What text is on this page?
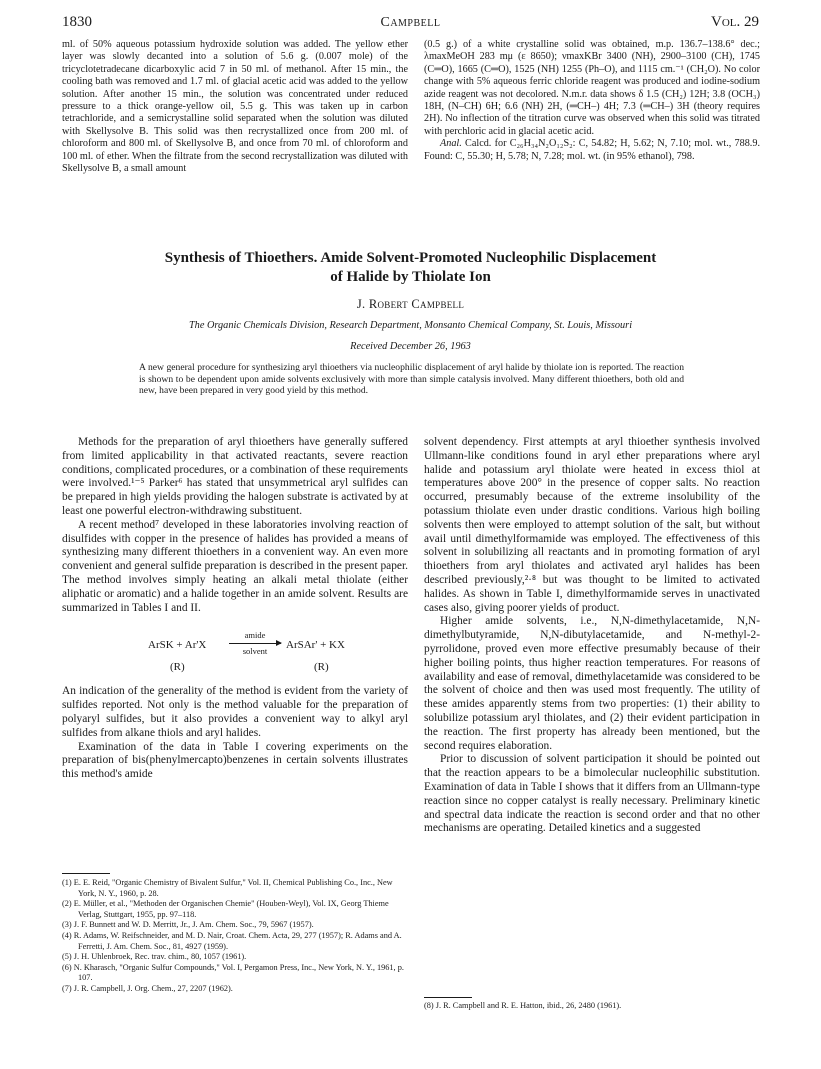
1830	Campbell	Vol. 29

ml. of 50% aqueous potassium hydroxide solution was added. The yellow ether layer was slowly decanted into a solution of 5.6 g. (0.007 mole) of the tricyclotetradecane dicarboxylic acid 7 in 50 ml. of methanol. After 15 min., the cooling bath was removed and 1.7 ml. of glacial acetic acid was added to the yellow solution. After another 15 min., the solution was concentrated under reduced pressure to a thick orange-yellow oil, 5.5 g. This was taken up in carbon tetrachloride, and a semicrystalline solid separated when the solution was diluted with Skellysolve B. This solid was then recrystallized once from 200 ml. of chloroform and 800 ml. of Skellysolve B, and once from 70 ml. of chloroform and 100 ml. of ether. When the filtrate from the second recrystallization was diluted with Skellysolve B, a small amount

(0.5 g.) of a white crystalline solid was obtained, m.p. 136.7–138.6° dec.; λmaxMeOH 283 mμ (ε 8650); νmaxKBr 3400 (NH), 2900–3100 (CH), 1745 (C═O), 1665 (C═O), 1525 (NH) 1255 (Ph–O), and 1115 cm.⁻¹ (CH₂O). No color change with 5% aqueous ferric chloride reagent was produced and iodine-sodium azide reagent was not decolored. N.m.r. data shows δ 1.5 (CH₂) 12H; 3.8 (OCH₃) 18H, (N–CH) 6H; 6.6 (NH) 2H, (═CH–) 4H; 7.3 (═CH–) 3H (theory requires 2H). No inflection of the titration curve was observed when this solid was titrated with perchloric acid in glacial acetic acid.

Anal. Calcd. for C₂₆H₃₄N₂O₁₂S₂: C, 54.82; H, 5.62; N, 7.10; mol. wt., 788.9. Found: C, 55.30; H, 5.78; N, 7.28; mol. wt. (in 95% ethanol), 798.

Synthesis of Thioethers. Amide Solvent-Promoted Nucleophilic Displacement
of Halide by Thiolate Ion
J. Robert Campbell
The Organic Chemicals Division, Research Department, Monsanto Chemical Company, St. Louis, Missouri
Received December 26, 1963
A new general procedure for synthesizing aryl thioethers via nucleophilic displacement of aryl halide by thiolate ion is reported. The reaction is shown to be dependent upon amide solvents exclusively with more than simple catalysis involved. Many different thioethers, both old and new, have been prepared in very good yield by this method.

Methods for the preparation of aryl thioethers have generally suffered from limited applicability in that activated reactants, severe reaction conditions, complicated procedures, or a combination of these requirements were involved.¹⁻⁵ Parker⁶ has stated that unsymmetrical aryl sulfides can be prepared in high yields providing the halogen substrate is activated by at least one powerful electron-withdrawing substituent.

A recent method⁷ developed in these laboratories involving reaction of disulfides with copper in the presence of halides has provided a means of synthesizing many different thioethers in a convenient way. An even more convenient and general sulfide preparation is described in the present paper. The method involves simply heating an alkali metal thiolate (either aliphatic or aromatic) and a halide together in an amide solvent. Results are summarized in Tables I and II.

ArSK + Ar'X
amide
solvent	ArSAr' + KX
(R)	(R)

An indication of the generality of the method is evident from the variety of sulfides reported. Not only is the method valuable for the preparation of polyaryl sulfides, but it also provides a convenient way to alkyl aryl sulfides from alkane thiols and aryl halides.

Examination of the data in Table I covering experiments on the preparation of bis(phenylmercapto)benzenes in certain solvents illustrates this method's amide

solvent dependency. First attempts at aryl thioether synthesis involved Ullmann-like conditions found in aryl ether preparations where aryl halide and potassium aryl thiolate were heated in excess thiol at temperatures above 200° in the presence of copper salts. No reaction occurred, presumably because of the extreme insolubility of the potassium thiolate even under drastic conditions. Various high boiling solvents then were employed to attempt solution of the salt, but without avail until dimethylformamide was employed. The effectiveness of this solvent in solubilizing all reactants and in promoting formation of aryl thioethers from aryl thiolates and activated aryl halides has been described previously,²·⁸ but was thought to be limited to activated halides. As shown in Table I, dimethylformamide serves in unactivated cases also, giving poorer yields of product.

Higher amide solvents, i.e., N,N-dimethylacetamide, N,N-dimethylbutyramide, N,N-dibutylacetamide, and N-methyl-2-pyrrolidone, proved even more effective presumably because of their higher boiling points, thus higher reaction temperatures. For reasons of availability and ease of removal, dimethylacetamide was considered to be the solvent of choice and then was used most frequently. The utility of these amides apparently stems from two properties: (1) their ability to solubilize potassium aryl thiolates, and (2) their evident participation in the reaction. The first property has already been mentioned, but the second requires elaboration.

Prior to discussion of solvent participation it should be pointed out that the reaction appears to be a bimolecular nucleophilic substitution. Examination of data in Table I shows that it differs from an Ullmann-type reaction since no copper catalyst is really necessary. Preliminary kinetic and spectral data indicate the reaction is second order and that no other mechanisms are operating. Detailed kinetics and a suggested

(1) E. E. Reid, "Organic Chemistry of Bivalent Sulfur," Vol. II, Chemical Publishing Co., Inc., New York, N. Y., 1960, p. 28.

(2) E. Müller, et al., "Methoden der Organischen Chemie" (Houben-Weyl), Vol. IX, Georg Thieme Verlag, Stuttgart, 1955, pp. 97–118.

(3) J. F. Bunnett and W. D. Merritt, Jr., J. Am. Chem. Soc., 79, 5967 (1957).

(4) R. Adams, W. Reifschneider, and M. D. Nair, Croat. Chem. Acta, 29, 277 (1957); R. Adams and A. Ferretti, J. Am. Chem. Soc., 81, 4927 (1959).

(5) J. H. Uhlenbroek, Rec. trav. chim., 80, 1057 (1961).

(6) N. Kharasch, "Organic Sulfur Compounds," Vol. I, Pergamon Press, Inc., New York, N. Y., 1961, p. 107.

(7) J. R. Campbell, J. Org. Chem., 27, 2207 (1962).

(8) J. R. Campbell and R. E. Hatton, ibid., 26, 2480 (1961).
